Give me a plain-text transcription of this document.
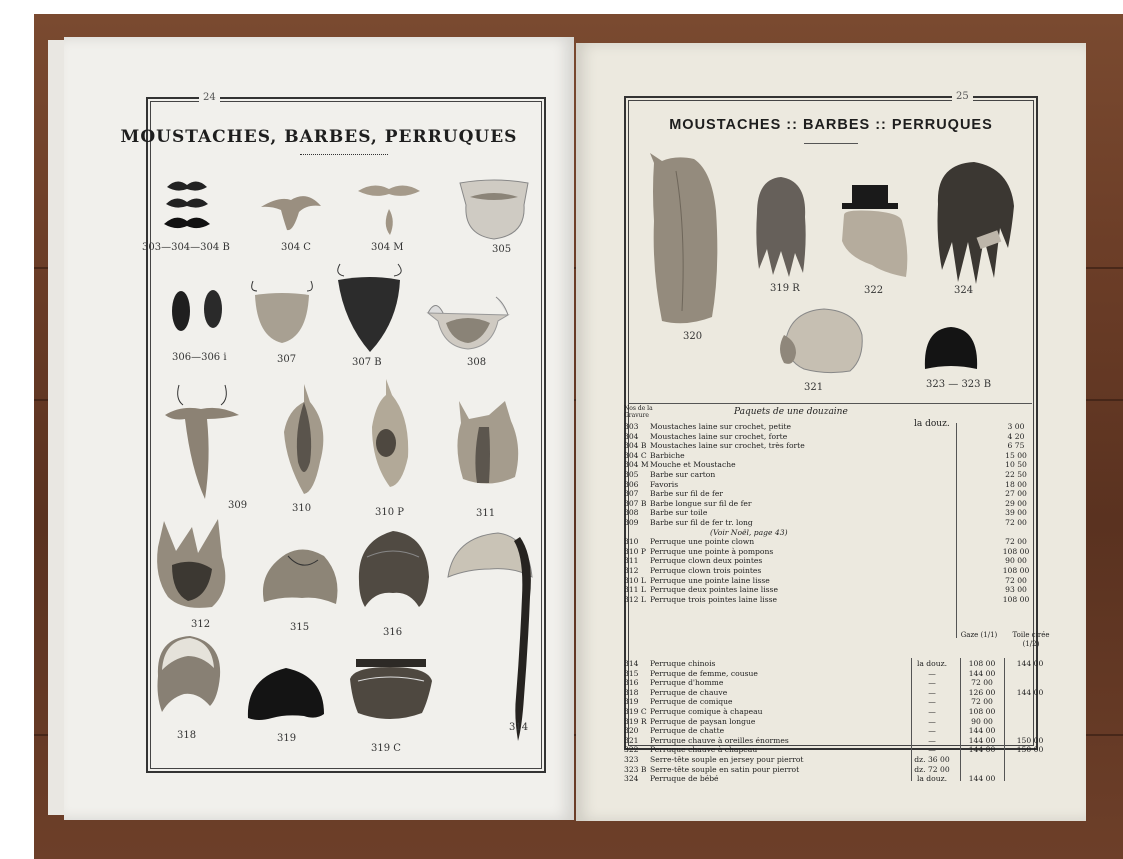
24
MOUSTACHES, BARBES, PERRUQUES
303—304—304 B	304 C	304 M	305
306—306 i	307	307 B	308
309	310	310 P	311
312	315	316
314
318	319
319 C
25
MOUSTACHES :: BARBES :: PERRUQUES
319 R	322	324
320
321	323 — 323 B
Nos de la Gravure	Paquets de une douzaine
la douz.
303	Moustaches laine sur crochet, petite	3 00
304	Moustaches laine sur crochet, forte	4 20
304 B Moustaches laine sur crochet, très forte	6 75
304 C Barbiche	15 00
304 M Mouche et Moustache	10 50
305	Barbe sur carton	22 50
306	Favoris	18 00
307	Barbe sur fil de fer	27 00
307 B Barbe longue sur fil de fer	29 00
308	Barbe sur toile	39 00
309	Barbe sur fil de fer tr. long	72 00
(Voir Noël, page 43)
310	Perruque une pointe clown	72 00
310 P Perruque une pointe à pompons	108 00
311	Perruque clown deux pointes	90 00
312	Perruque clown trois pointes	108 00
310 L Perruque une pointe laine lisse	72 00
311 L Perruque deux pointes laine lisse	93 00
312 L Perruque trois pointes laine lisse	108 00
Gaze (1/1)	Toile cirée (1/2)
314	Perruque chinois	la douz.	108 00	144 00
315	Perruque de femme, cousue	—	144 00
316	Perruque d'homme	—	72 00
318	Perruque de chauve	—	126 00	144 00
319	Perruque de comique	—	72 00
319 C Perruque comique à chapeau	—	108 00
319 R Perruque de paysan longue	—	90 00
320	Perruque de chatte	—	144 00
321	Perruque chauve à oreilles énormes	—	144 00	150 00
322	Perruque chauve à chapeau	—	144 00	150 00
323	Serre-tête souple en jersey pour pierrot	dz. 36 00
323 B Serre-tête souple en satin pour pierrot	dz. 72 00
324	Perruque de bébé	la douz.	144 00
